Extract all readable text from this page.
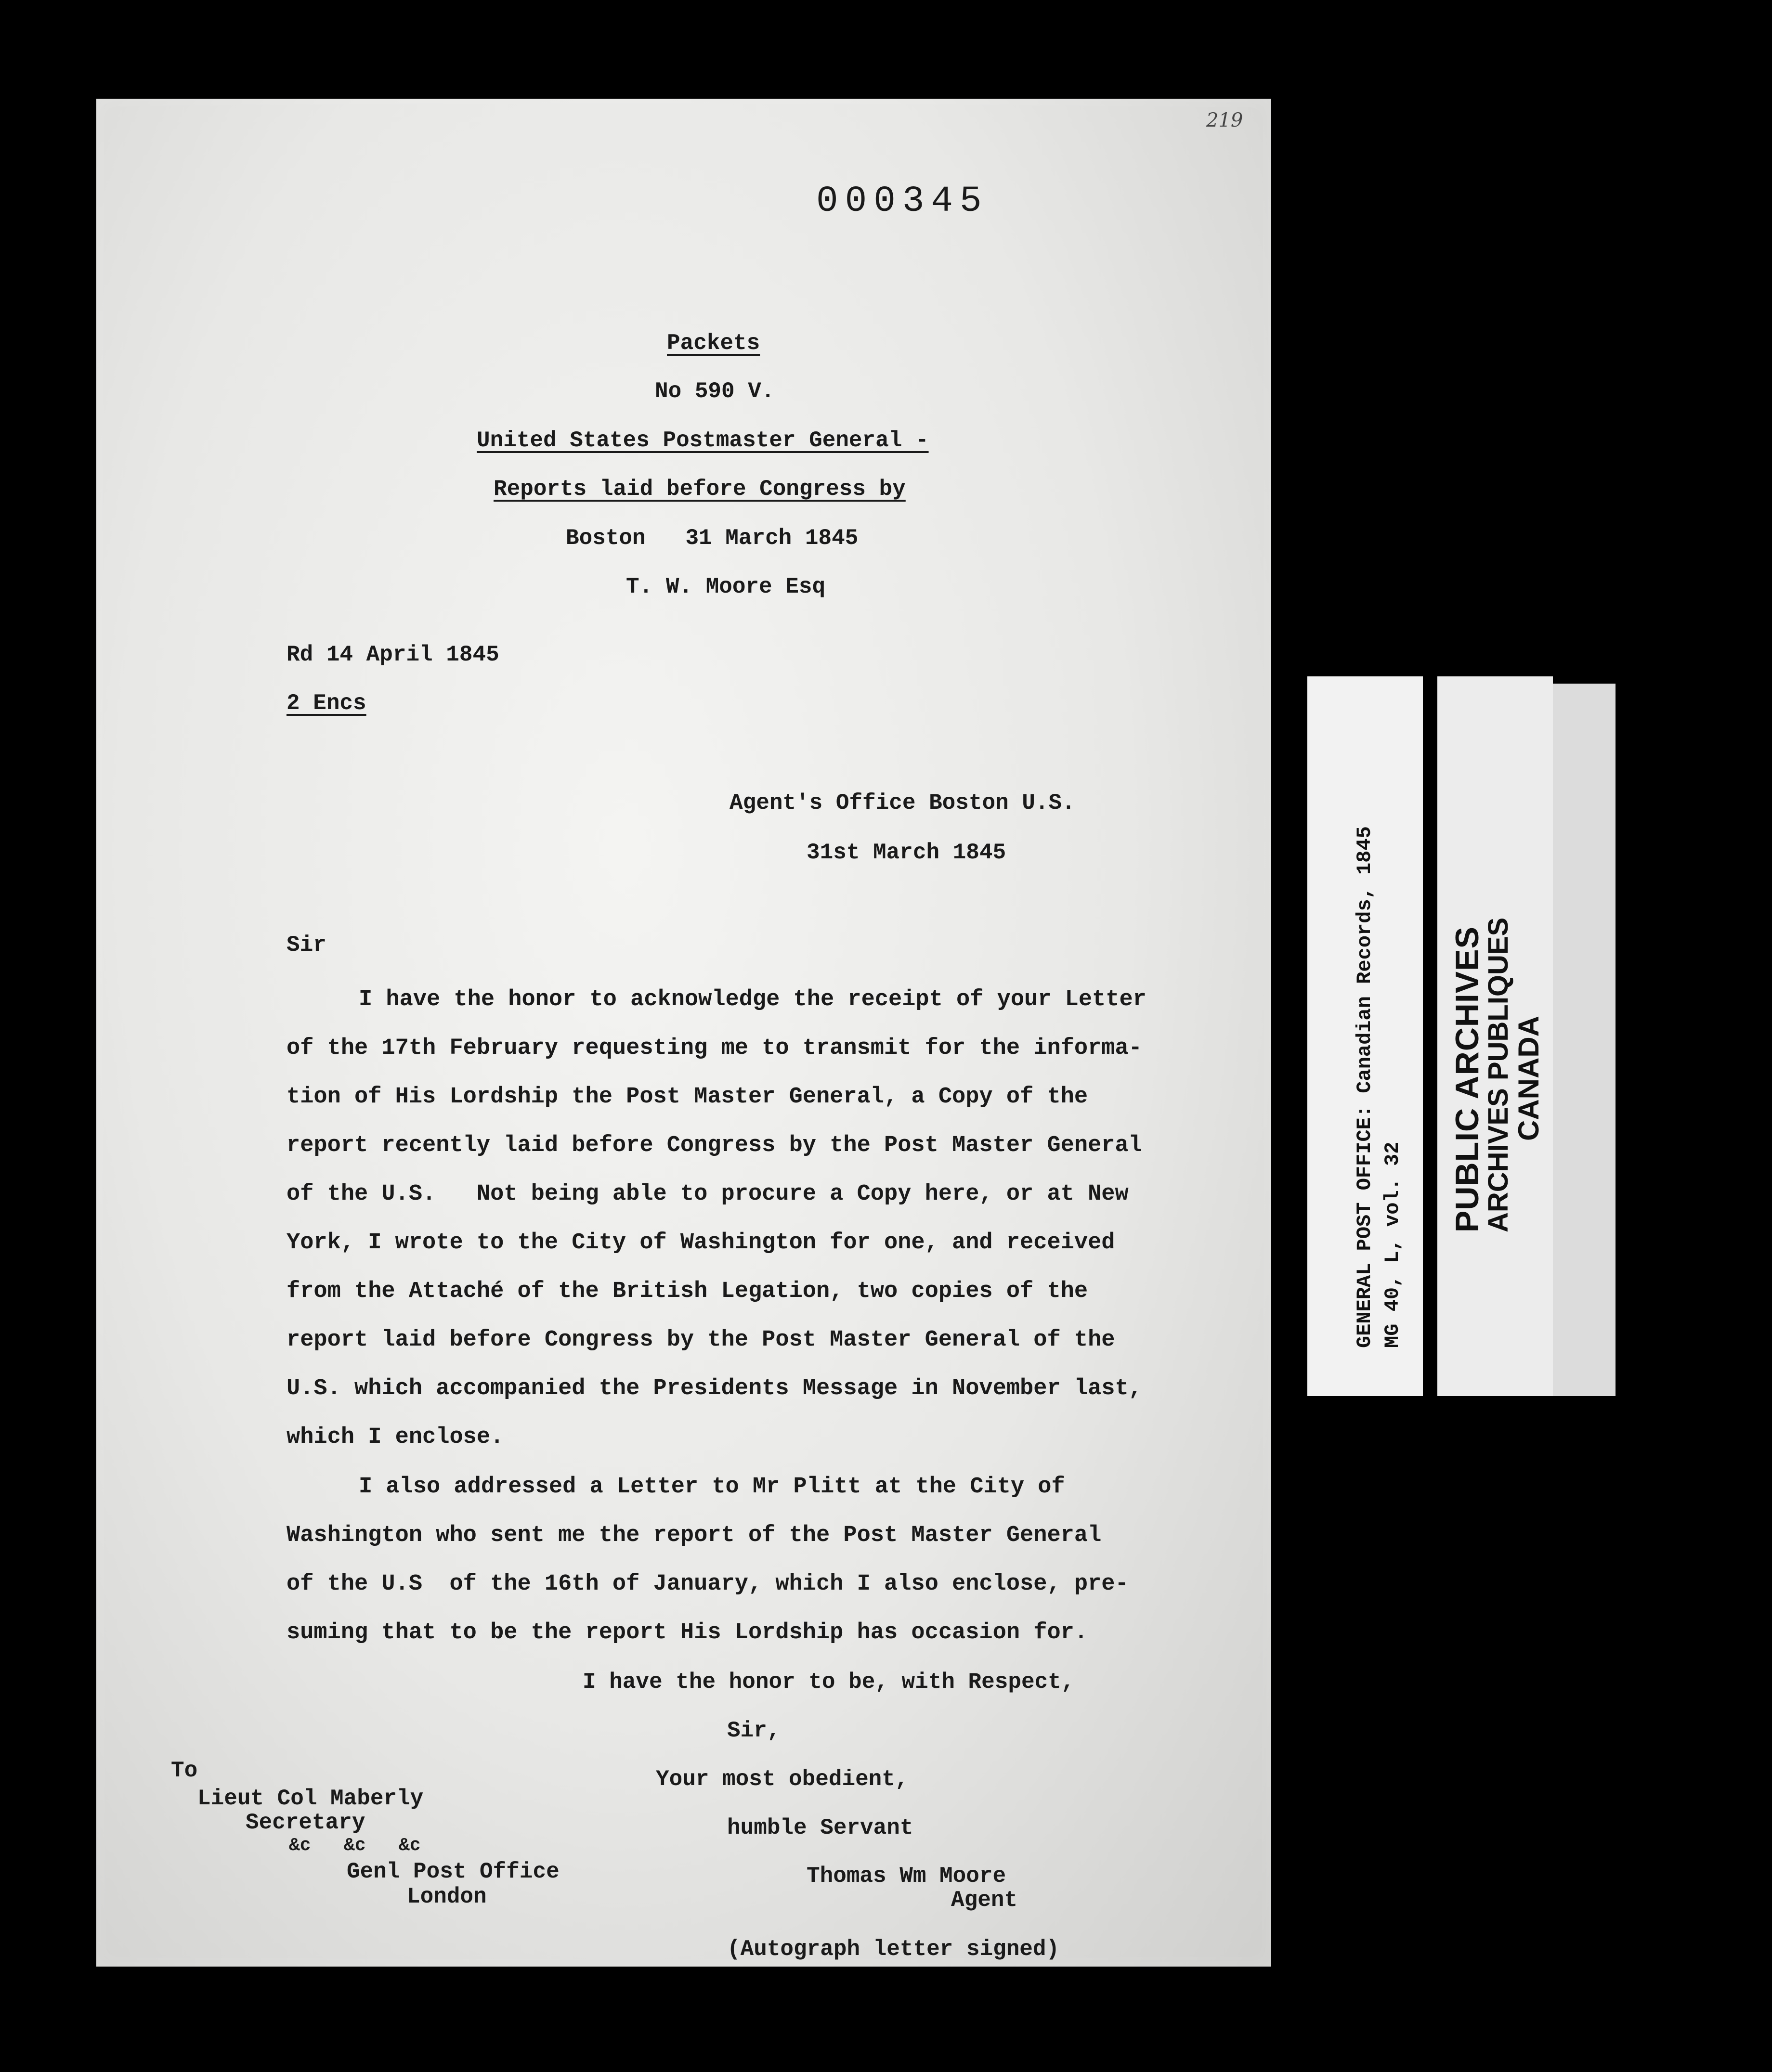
219

000345

Packets

No 590 V.

United States Postmaster General -

Reports laid before Congress by

Boston   31 March 1845

T. W. Moore Esq

Rd 14 April 1845

2 Encs

Agent's Office Boston U.S.

31st March 1845

Sir

I have the honor to acknowledge the receipt of your Letter

of the 17th February requesting me to transmit for the informa-

tion of His Lordship the Post Master General, a Copy of the

report recently laid before Congress by the Post Master General

of the U.S.   Not being able to procure a Copy here, or at New

York, I wrote to the City of Washington for one, and received

from the Attaché of the British Legation, two copies of the

report laid before Congress by the Post Master General of the

U.S. which accompanied the Presidents Message in November last,

which I enclose.

I also addressed a Letter to Mr Plitt at the City of

Washington who sent me the report of the Post Master General

of the U.S  of the 16th of January, which I also enclose, pre-

suming that to be the report His Lordship has occasion for.

I have the honor to be, with Respect,

Sir,

Your most obedient,

humble Servant

Thomas Wm Moore

Agent

(Autograph letter signed)

To

Lieut Col Maberly

Secretary

&c   &c   &c

Genl Post Office

London

GENERAL POST OFFICE: Canadian Records, 1845 MG 40, L, vol. 32

PUBLIC ARCHIVES

ARCHIVES PUBLIQUES

CANADA
